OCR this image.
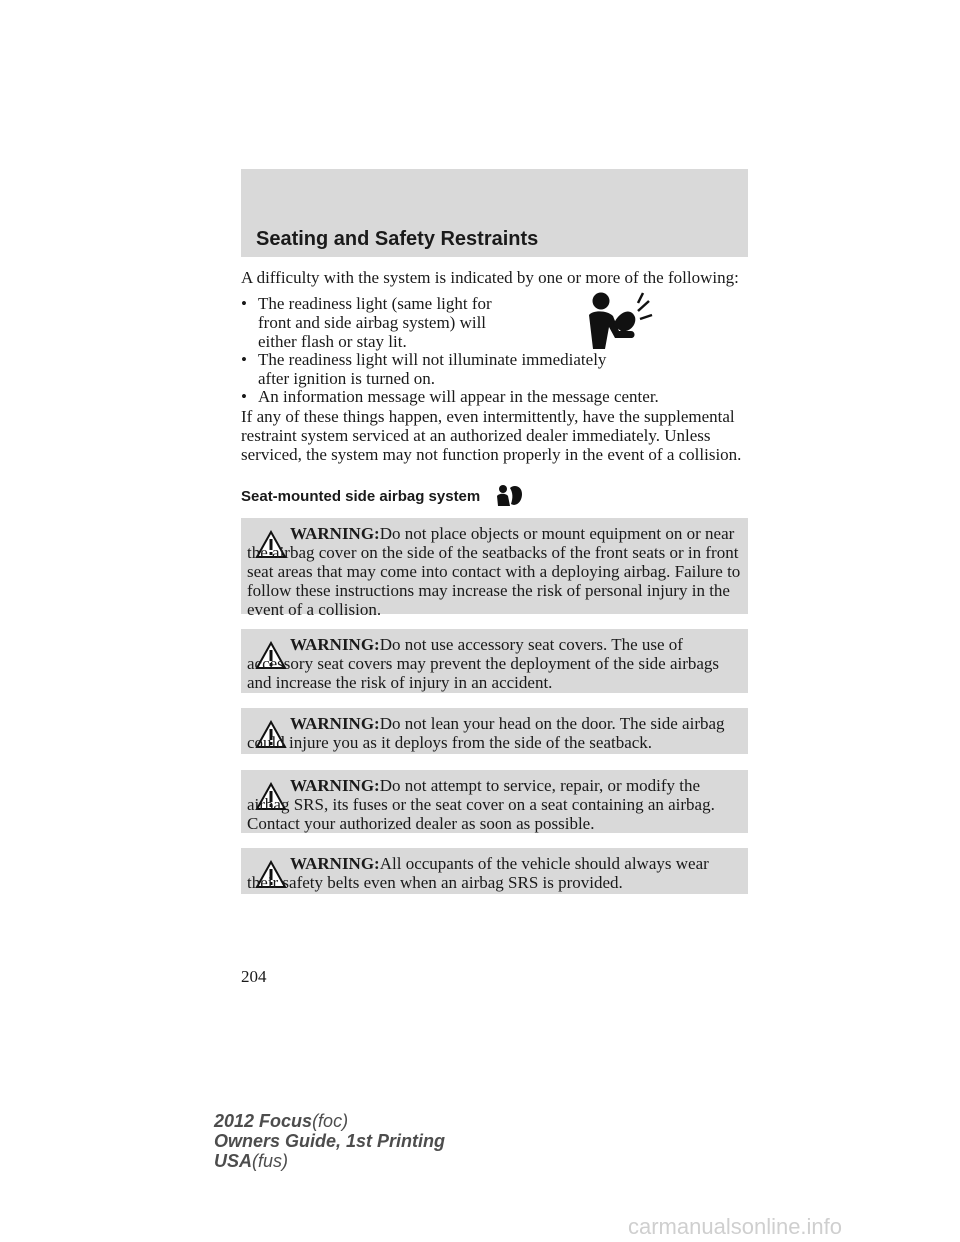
Seating and Safety Restraints
A difficulty with the system is indicated by one or more of the following:
• The readiness light (same light for front and side airbag system) will either flash or stay lit.
• The readiness light will not illuminate immediately after ignition is turned on.
• An information message will appear in the message center.
If any of these things happen, even intermittently, have the supplemental restraint system serviced at an authorized dealer immediately. Unless serviced, the system may not function properly in the event of a collision.
Seat-mounted side airbag system
WARNING:Do not place objects or mount equipment on or near the airbag cover on the side of the seatbacks of the front seats or in front seat areas that may come into contact with a deploying airbag. Failure to follow these instructions may increase the risk of personal injury in the event of a collision.
WARNING:Do not use accessory seat covers. The use of accessory seat covers may prevent the deployment of the side airbags and increase the risk of injury in an accident.
WARNING:Do not lean your head on the door. The side airbag could injure you as it deploys from the side of the seatback.
WARNING:Do not attempt to service, repair, or modify the airbag SRS, its fuses or the seat cover on a seat containing an airbag. Contact your authorized dealer as soon as possible.
WARNING:All occupants of the vehicle should always wear their safety belts even when an airbag SRS is provided.
204
2012 Focus(foc)
Owners Guide, 1st Printing
USA(fus)
carmanualsonline.info
